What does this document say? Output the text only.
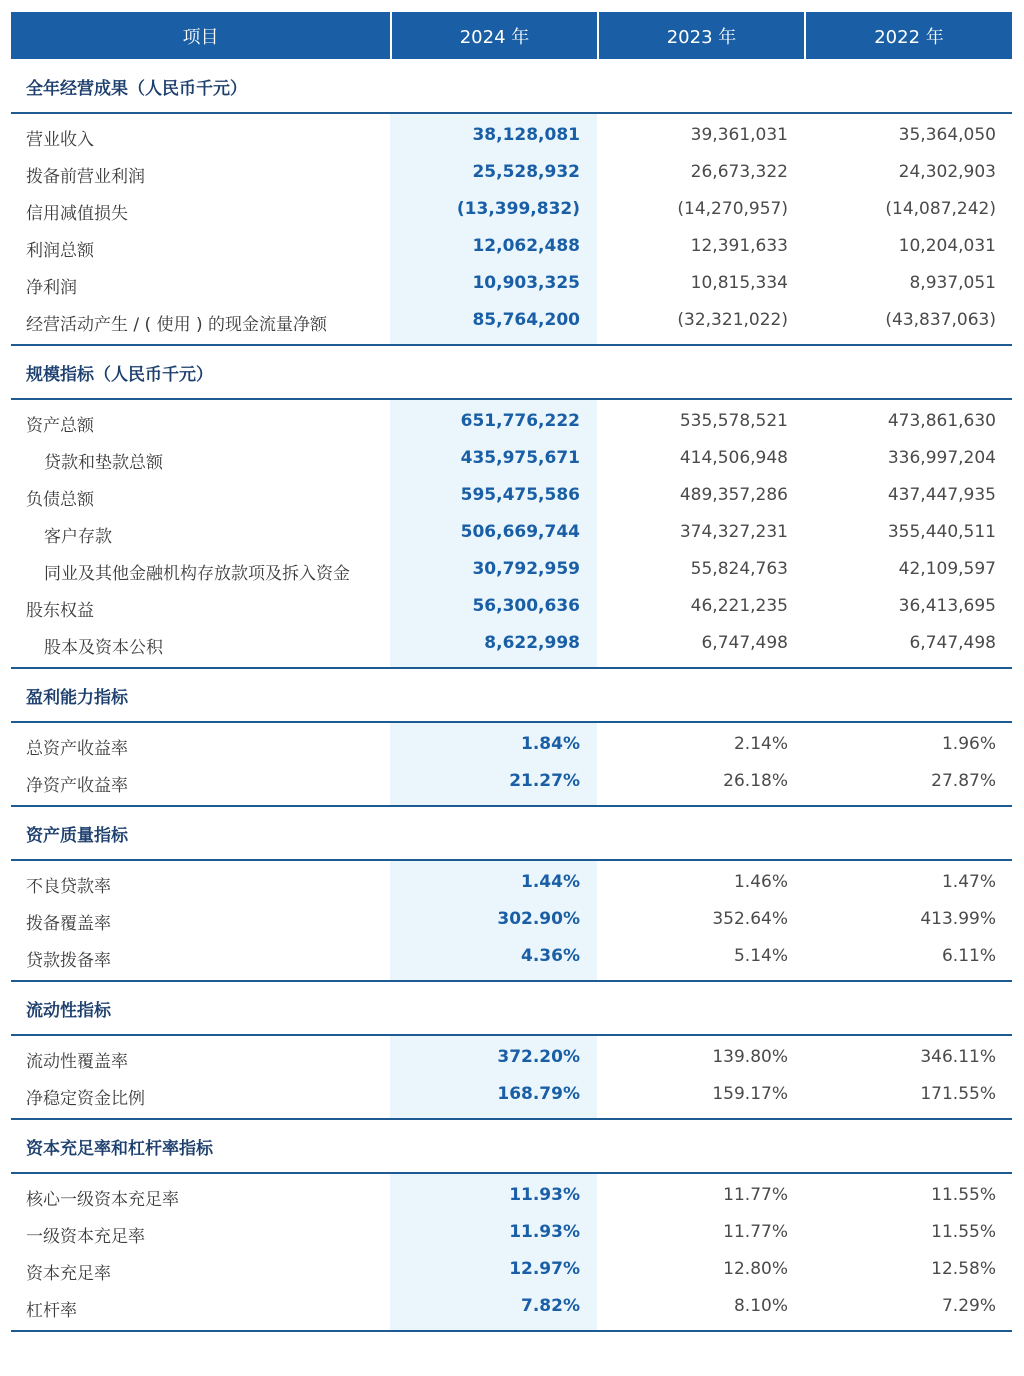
项目	2024 年	2023 年	2022 年
全年经营成果（人民币千元）
营业收入	38,128,081	39,361,031	35,364,050
拨备前营业利润	25,528,932	26,673,322	24,302,903
信用减值损失	(13,399,832)	(14,270,957)	(14,087,242)
利润总额	12,062,488	12,391,633	10,204,031
净利润	10,903,325	10,815,334	8,937,051
经营活动产生 / ( 使用 ) 的现金流量净额	85,764,200	(32,321,022)	(43,837,063)
规模指标（人民币千元）
资产总额	651,776,222	535,578,521	473,861,630
贷款和垫款总额	435,975,671	414,506,948	336,997,204
负债总额	595,475,586	489,357,286	437,447,935
客户存款	506,669,744	374,327,231	355,440,511
同业及其他金融机构存放款项及拆入资金	30,792,959	55,824,763	42,109,597
股东权益	56,300,636	46,221,235	36,413,695
股本及资本公积	8,622,998	6,747,498	6,747,498
盈利能力指标
总资产收益率	1.84%	2.14%	1.96%
净资产收益率	21.27%	26.18%	27.87%
资产质量指标
不良贷款率	1.44%	1.46%	1.47%
拨备覆盖率	302.90%	352.64%	413.99%
贷款拨备率	4.36%	5.14%	6.11%
流动性指标
流动性覆盖率	372.20%	139.80%	346.11%
净稳定资金比例	168.79%	159.17%	171.55%
资本充足率和杠杆率指标
核心一级资本充足率	11.93%	11.77%	11.55%
一级资本充足率	11.93%	11.77%	11.55%
资本充足率	12.97%	12.80%	12.58%
杠杆率	7.82%	8.10%	7.29%
